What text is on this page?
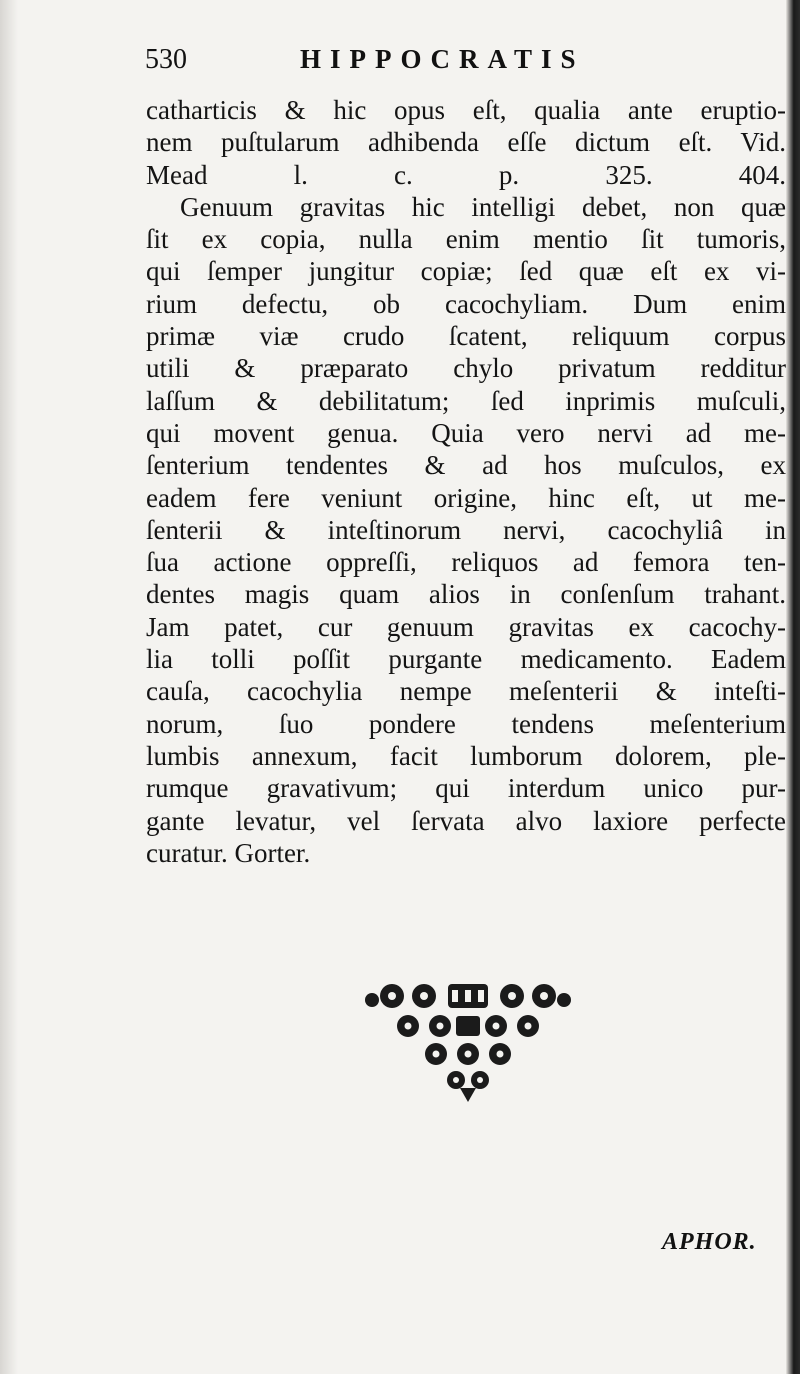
530	HIPPOCRATIS
catharticis & hic opus eſt, qualia ante eruptio-
nem puſtularum adhibenda eſſe dictum eſt. Vid.
Mead l. c. p. 325. 404.
Genuum gravitas hic intelligi debet, non quæ
ſit ex copia, nulla enim mentio ſit tumoris,
qui ſemper jungitur copiæ; ſed quæ eſt ex vi-
rium defectu, ob cacochyliam. Dum enim
primæ viæ crudo ſcatent, reliquum corpus
utili & præparato chylo privatum redditur
laſſum & debilitatum; ſed inprimis muſculi,
qui movent genua. Quia vero nervi ad me-
ſenterium tendentes & ad hos muſculos, ex
eadem fere veniunt origine, hinc eſt, ut me-
ſenterii & inteſtinorum nervi, cacochyliâ in
ſua actione oppreſſi, reliquos ad femora ten-
dentes magis quam alios in conſenſum trahant.
Jam patet, cur genuum gravitas ex cacochy-
lia tolli poſſit purgante medicamento. Eadem
cauſa, cacochylia nempe meſenterii & inteſti-
norum, ſuo pondere tendens meſenterium
lumbis annexum, facit lumborum dolorem, ple-
rumque gravativum; qui interdum unico pur-
gante levatur, vel ſervata alvo laxiore perfecte
curatur. Gorter.
APHOR.
